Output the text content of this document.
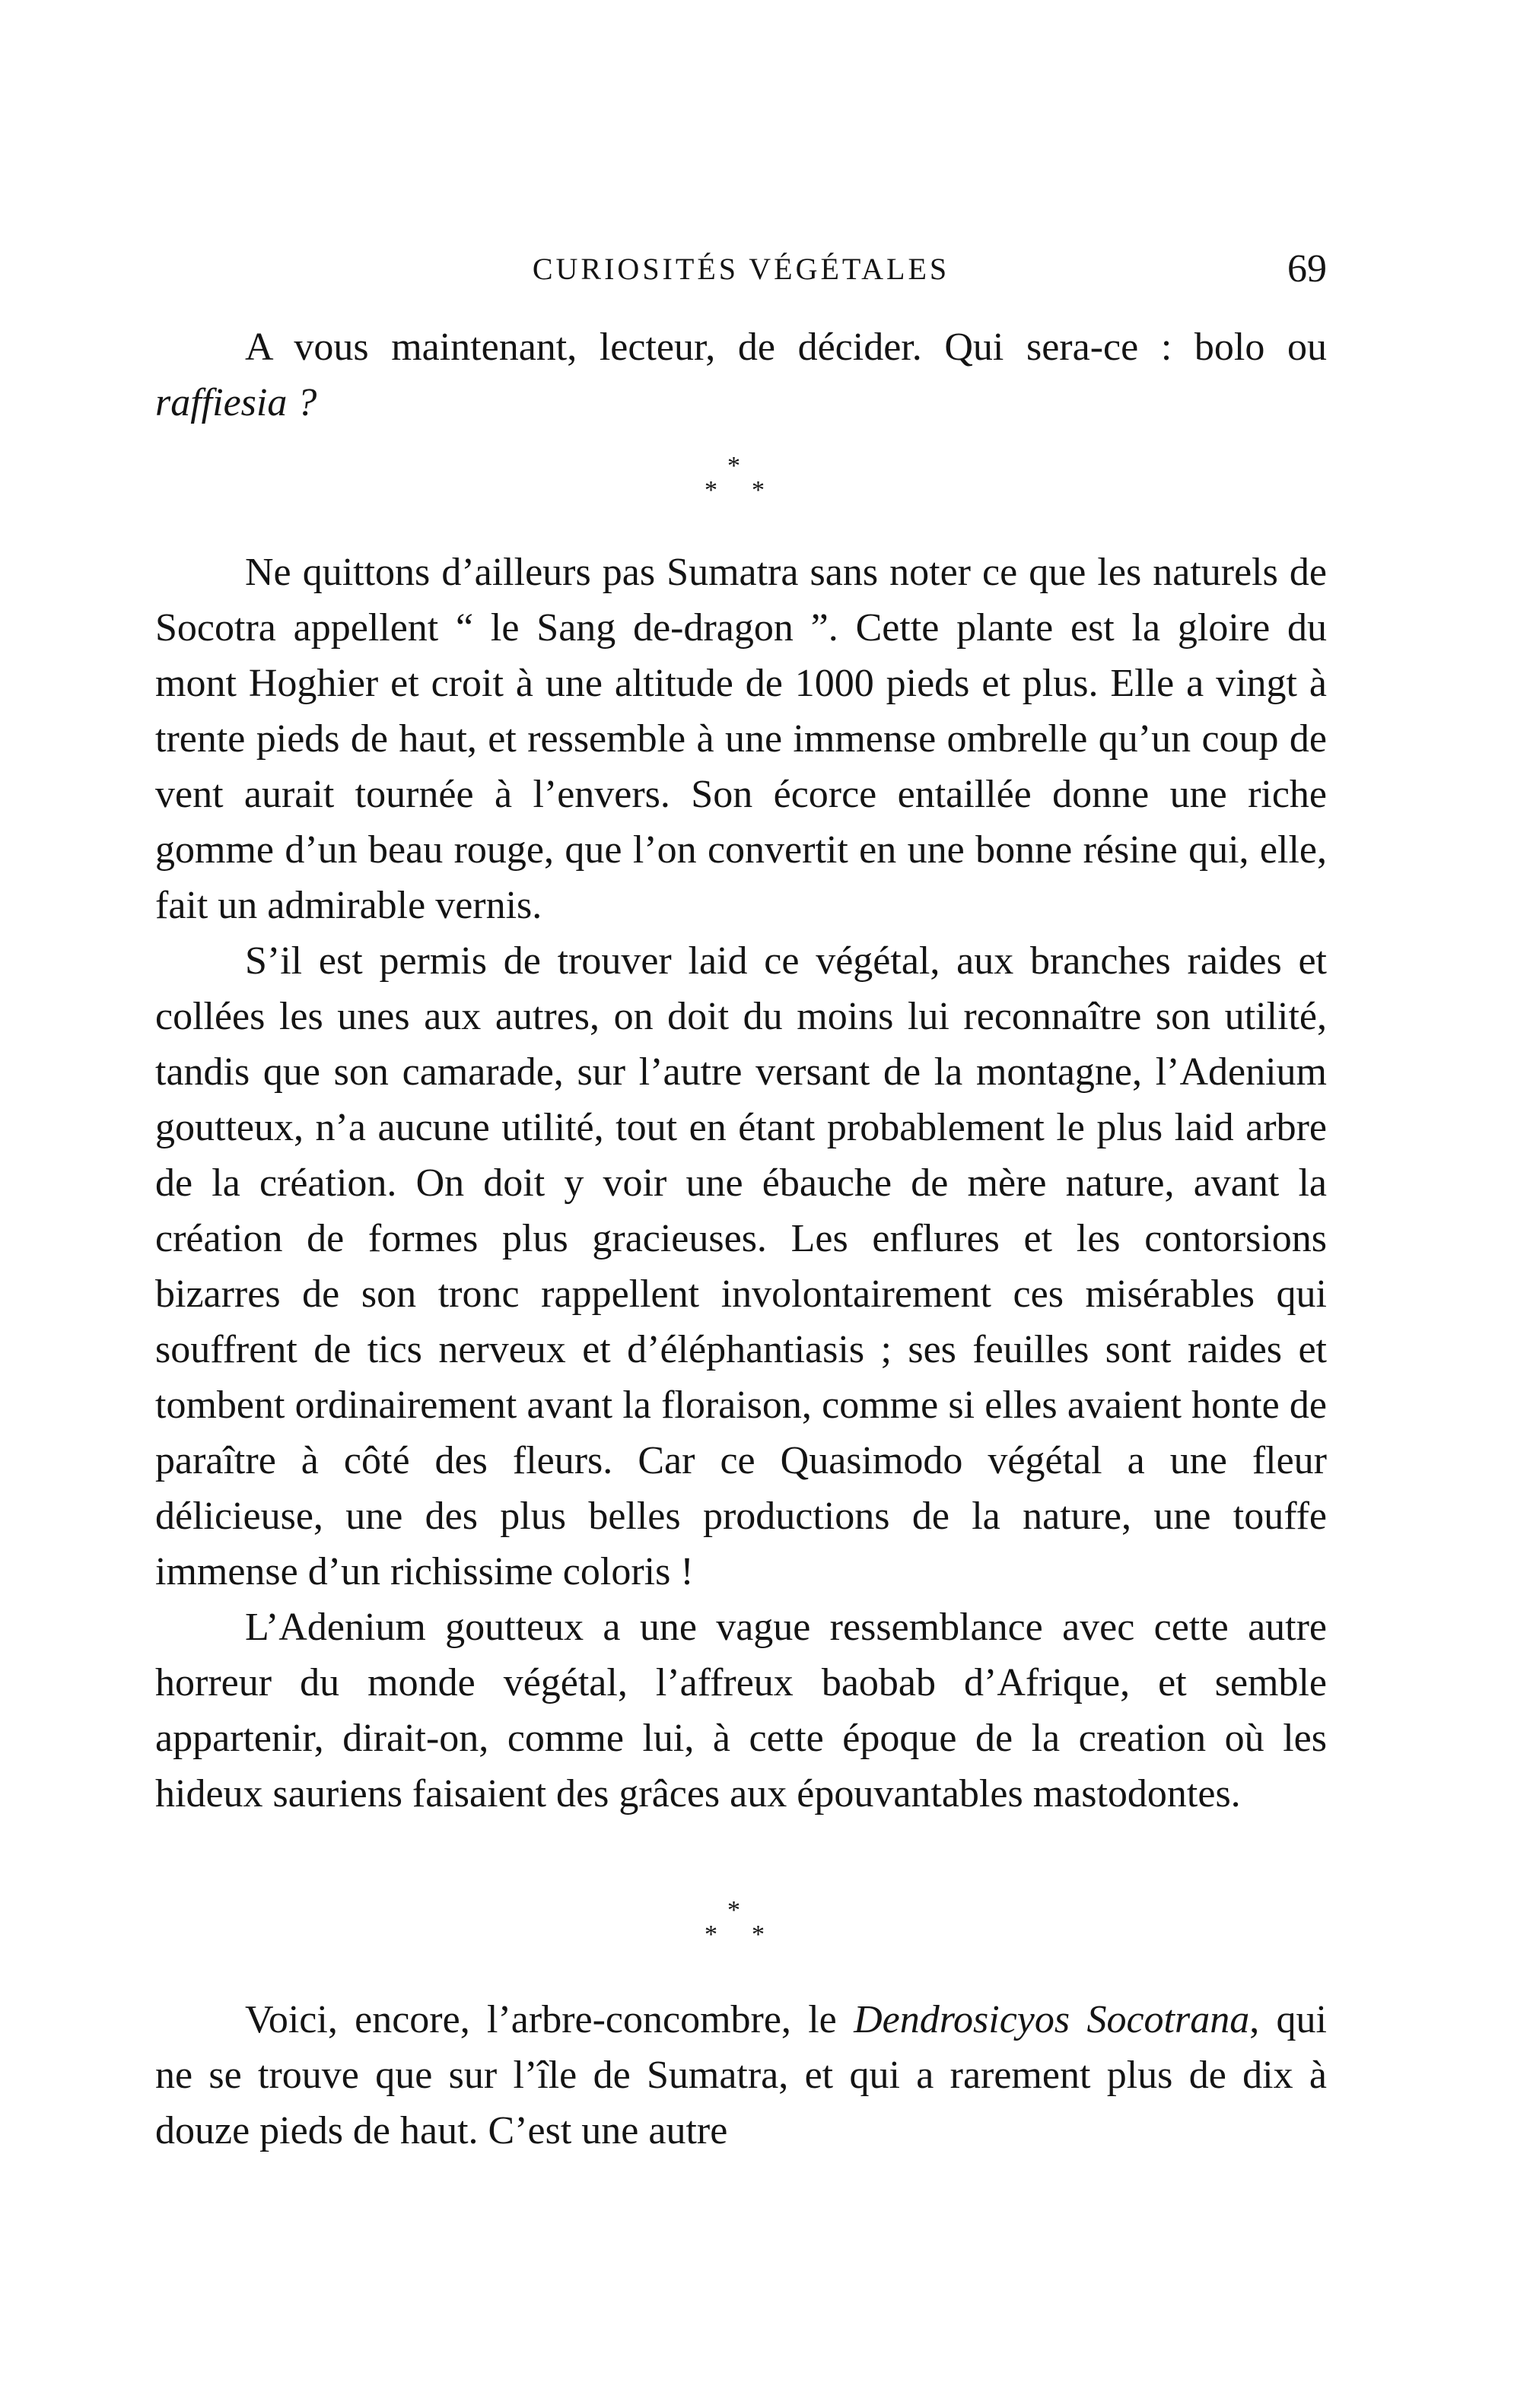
CURIOSITÉS VÉGÉTALES	69

A vous maintenant, lecteur, de décider. Qui sera-ce : bolo ou raffiesia ?

*
* *

Ne quittons d’ailleurs pas Sumatra sans noter ce que les naturels de Socotra appellent “ le Sang de-dragon ”. Cette plante est la gloire du mont Hoghier et croit à une altitude de 1000 pieds et plus. Elle a vingt à trente pieds de haut, et ressemble à une immense ombrelle qu’un coup de vent aurait tournée à l’envers. Son écorce entaillée donne une riche gomme d’un beau rouge, que l’on convertit en une bonne résine qui, elle, fait un admirable vernis.

S’il est permis de trouver laid ce végétal, aux branches raides et collées les unes aux autres, on doit du moins lui reconnaître son utilité, tandis que son camarade, sur l’autre versant de la montagne, l’Adenium goutteux, n’a aucune utilité, tout en étant probablement le plus laid arbre de la création. On doit y voir une ébauche de mère nature, avant la création de formes plus gracieuses. Les enflures et les contorsions bizarres de son tronc rappellent involontairement ces misérables qui souffrent de tics nerveux et d’éléphantiasis ; ses feuilles sont raides et tombent ordinairement avant la floraison, comme si elles avaient honte de paraître à côté des fleurs. Car ce Quasimodo végétal a une fleur délicieuse, une des plus belles productions de la nature, une touffe immense d’un richissime coloris !

L’Adenium goutteux a une vague ressemblance avec cette autre horreur du monde végétal, l’affreux baobab d’Afrique, et semble appartenir, dirait-on, comme lui, à cette époque de la creation où les hideux sauriens faisaient des grâces aux épouvantables mastodontes.

*
* *

Voici, encore, l’arbre-concombre, le Dendrosicyos Socotrana, qui ne se trouve que sur l’île de Sumatra, et qui a rarement plus de dix à douze pieds de haut. C’est une autre
